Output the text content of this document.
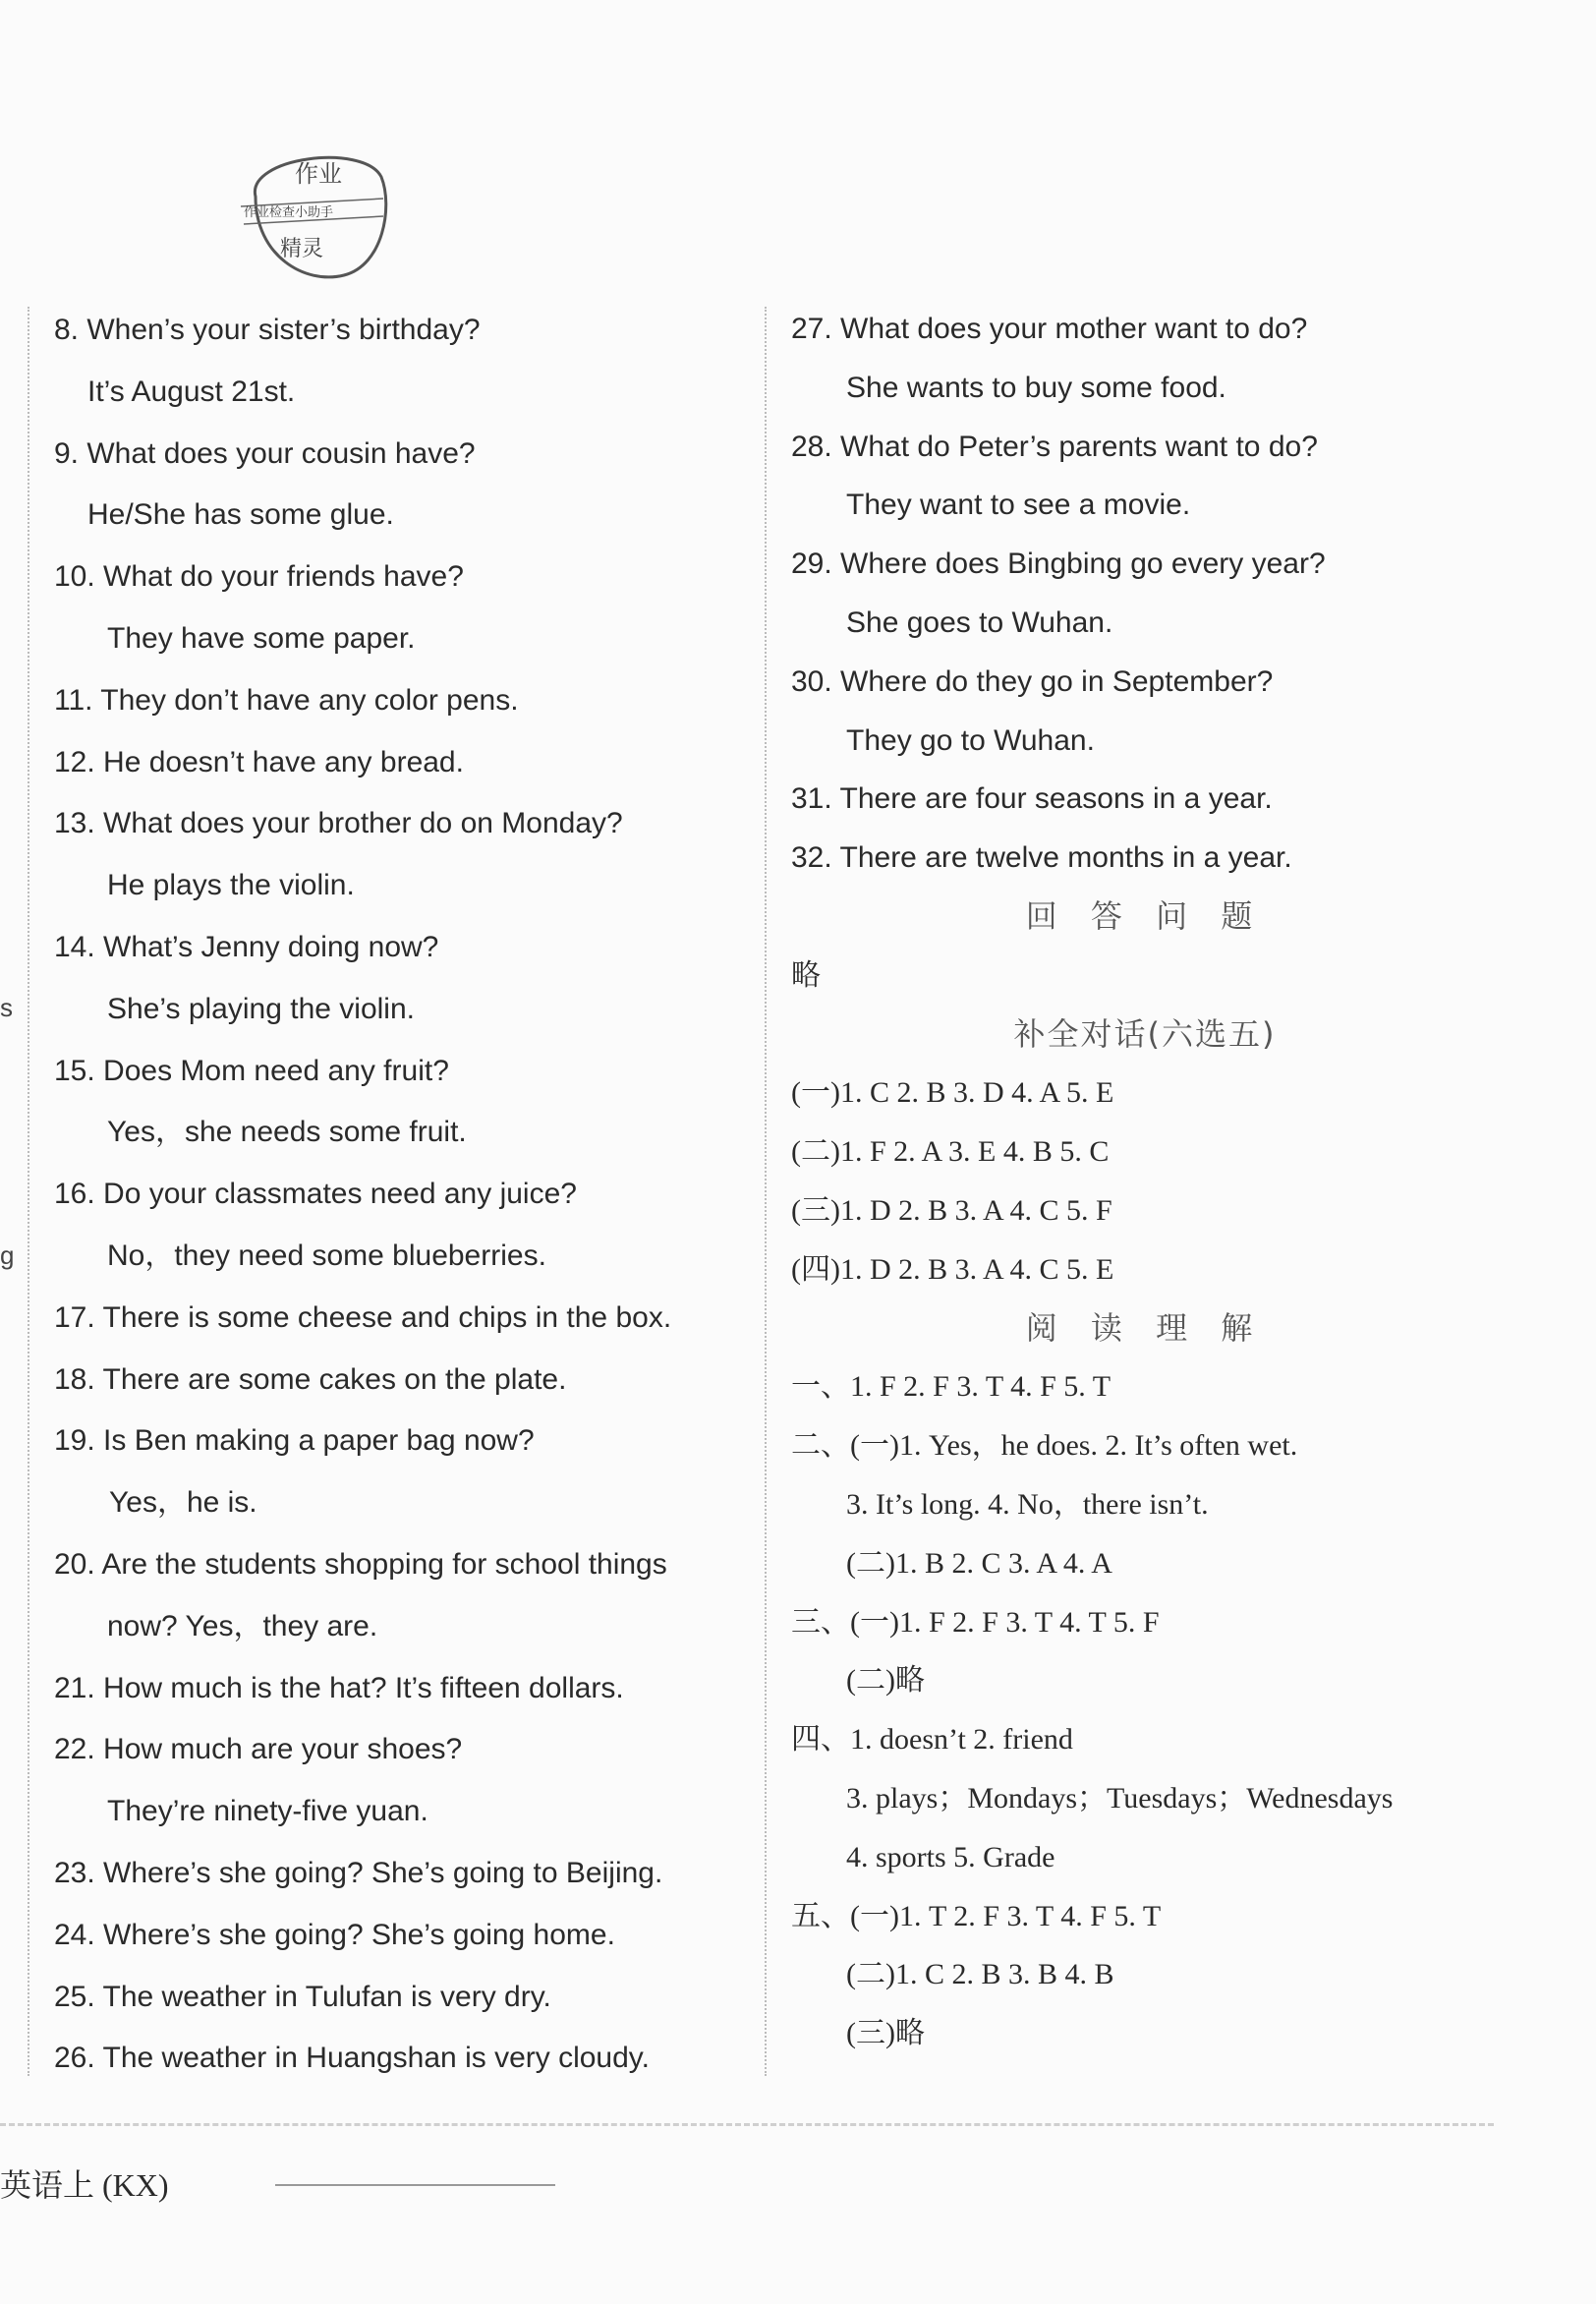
作业
作业检查小助手
精灵
s
g
8. When’s your sister’s birthday?
It’s August 21st.
9. What does your cousin have?
He/She has some glue.
10. What do your friends have?
They have some paper.
11. They don’t have any color pens.
12. He doesn’t have any bread.
13. What does your brother do on Monday?
He plays the violin.
14. What’s Jenny doing now?
She’s playing the violin.
15. Does Mom need any fruit?
Yes，she needs some fruit.
16. Do your classmates need any juice?
No，they need some blueberries.
17. There is some cheese and chips in the box.
18. There are some cakes on the plate.
19. Is Ben making a paper bag now?
Yes，he is.
20. Are the students shopping for school things
now? Yes，they are.
21. How much is the hat? It’s fifteen dollars.
22. How much are your shoes?
They’re ninety-five yuan.
23. Where’s she going? She’s going to Beijing.
24. Where’s she going? She’s going home.
25. The weather in Tulufan is very dry.
26. The weather in Huangshan is very cloudy.
27. What does your mother want to do?
She wants to buy some food.
28. What do Peter’s parents want to do?
They want to see a movie.
29. Where does Bingbing go every year?
She goes to Wuhan.
30. Where do they go in September?
They go to Wuhan.
31. There are four seasons in a year.
32. There are twelve months in a year.
回 答 问 题
略
补全对话(六选五)
(一)1. C 2. B 3. D 4. A 5. E
(二)1. F 2. A 3. E 4. B 5. C
(三)1. D 2. B 3. A 4. C 5. F
(四)1. D 2. B 3. A 4. C 5. E
阅 读 理 解
一、1. F 2. F 3. T 4. F 5. T
二、(一)1. Yes，he does. 2. It’s often wet.
3. It’s long. 4. No，there isn’t.
(二)1. B 2. C 3. A 4. A
三、(一)1. F 2. F 3. T 4. T 5. F
(二)略
四、1. doesn’t 2. friend
3. plays；Mondays；Tuesdays；Wednesdays
4. sports 5. Grade
五、(一)1. T 2. F 3. T 4. F 5. T
(二)1. C 2. B 3. B 4. B
(三)略
英语上 (KX)
